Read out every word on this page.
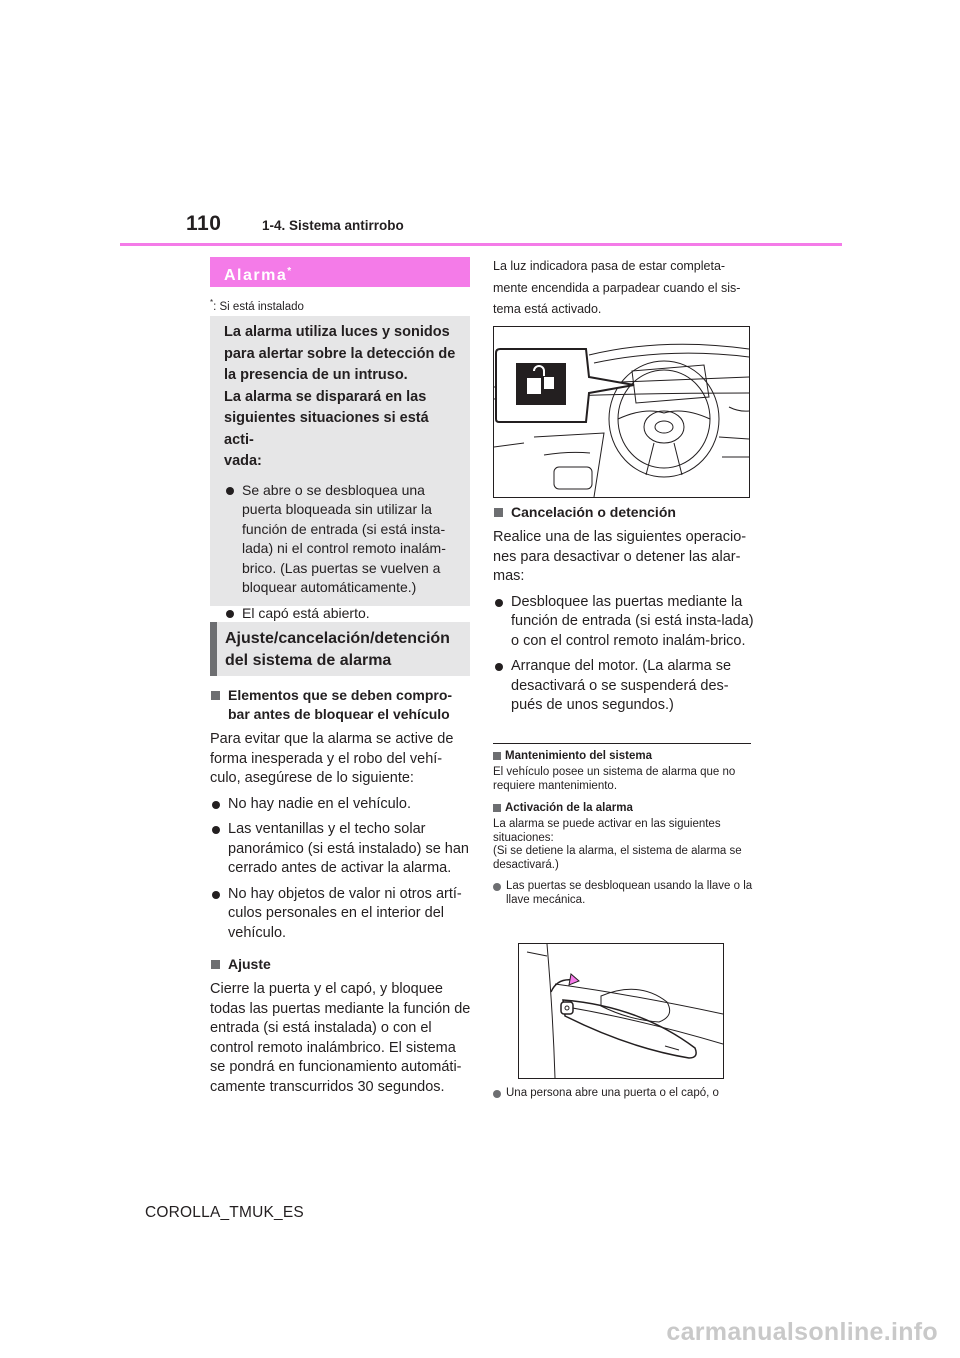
110	1-4. Sistema antirrobo
Alarma*
*: Si está instalado

La alarma utiliza luces y sonidos
para alertar sobre la detección de
la presencia de un intruso.
La alarma se disparará en las
siguientes situaciones si está acti-
vada:

Se abre o se desbloquea una puerta bloqueada sin utilizar la función de entrada (si está insta-lada) ni el control remoto inalám-brico. (Las puertas se vuelven a bloquear automáticamente.)
El capó está abierto.
Ajuste/cancelación/detención
del sistema de alarma

Elementos que se deben compro-bar antes de bloquear el vehículo

Para evitar que la alarma se active de forma inesperada y el robo del vehí-culo, asegúrese de lo siguiente:

No hay nadie en el vehículo.
Las ventanillas y el techo solar panorámico (si está instalado) se han cerrado antes de activar la alarma.
No hay objetos de valor ni otros artí-culos personales en el interior del vehículo.

Ajuste

Cierre la puerta y el capó, y bloquee todas las puertas mediante la función de entrada (si está instalada) o con el control remoto inalámbrico. El sistema se pondrá en funcionamiento automáti-camente transcurridos 30 segundos.

La luz indicadora pasa de estar completa-mente encendida a parpadear cuando el sis-tema está activado.

Cancelación o detención

Realice una de las siguientes operacio-nes para desactivar o detener las alar-mas:

Desbloquee las puertas mediante la función de entrada (si está insta-lada) o con el control remoto inalám-brico.
Arranque del motor. (La alarma se desactivará o se suspenderá des-pués de unos segundos.)

Mantenimiento del sistema

El vehículo posee un sistema de alarma que no requiere mantenimiento.

Activación de la alarma

La alarma se puede activar en las siguientes situaciones:

(Si se detiene la alarma, el sistema de alarma se desactivará.)

Las puertas se desbloquean usando la llave o la llave mecánica.

Una persona abre una puerta o el capó, o

COROLLA_TMUK_ES
carmanualsonline.info
